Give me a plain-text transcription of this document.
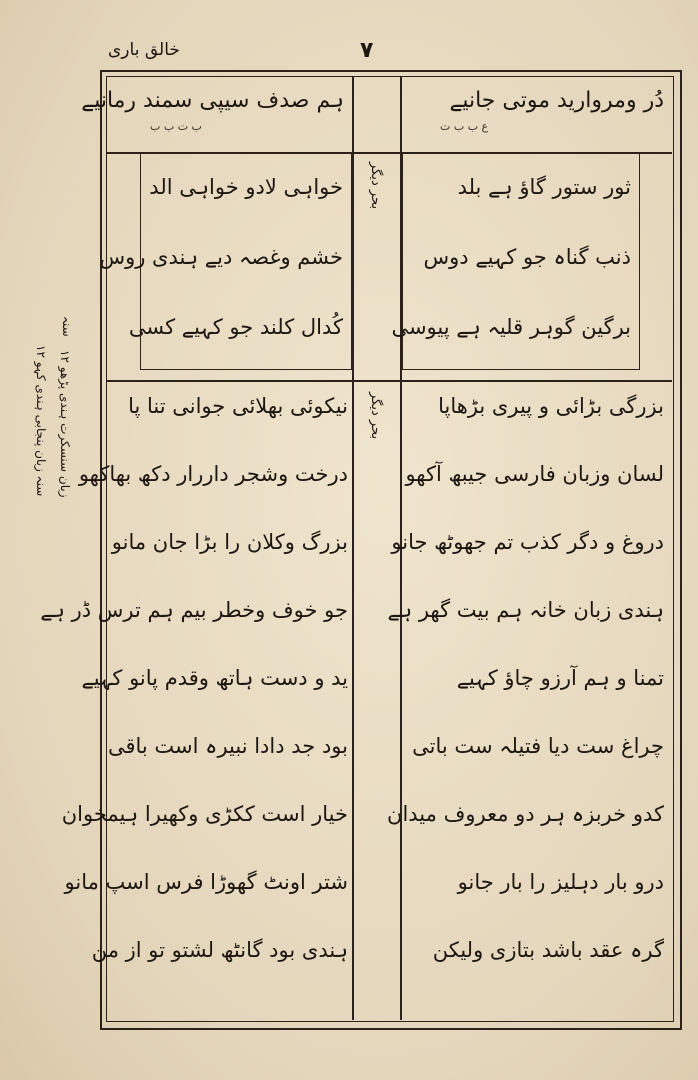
خالق باری	۷
ہم صدف سیپی سمند رمانیے
ب ت ب ب
دُر ومروارید موتی جانیے
ع ب ب ت
خواہی لادو خواہی الد
خشم وغصہ دیے ہندی روس
کُدال کلند جو کہیے کسی
ثور ستور گاؤ ہے بلد
ذنب گناہ جو کہیے دوس
برگین گوہر قلیہ ہے پیوسی
بحر دیگر
بحر دیگر
نیکوئی بھلائی جوانی تنا پا
درخت وشجر داررار دکھ بھاکھو
بزرگ وکلان را بڑا جان مانو
جو خوف وخطر بیم ہم ترس ڈر ہے
ید و دست ہاتھ وقدم پانو کہیے
بود جد دادا نبیرہ است باقی
خیار است ککڑی وکھیرا ہیمخوان
شتر اونٹ گھوڑا فرس اسپ مانو
ہندی بود گانٹھ لشتو تو از من
بزرگی بڑائی و پیری بڑھاپا
لسان وزبان فارسی جیبھ آکھو
دروغ و دگر کذب تم جھوٹھ جانو
ہندی زبان خانہ ہم بیت گھر ہے
تمنا و ہم آرزو چاؤ کہیے
چراغ ست دیا فتیلہ ست باتی
کدو خربزہ ہر دو معروف میدان
درو بار دہلیز را بار جانو
گرہ عقد باشد بتازی ولیکن
سنہ
زبان سنسکرت ہندی پڑھو ۱۲
سنہ زبان پنجابی ہندی کہو ۱۲
